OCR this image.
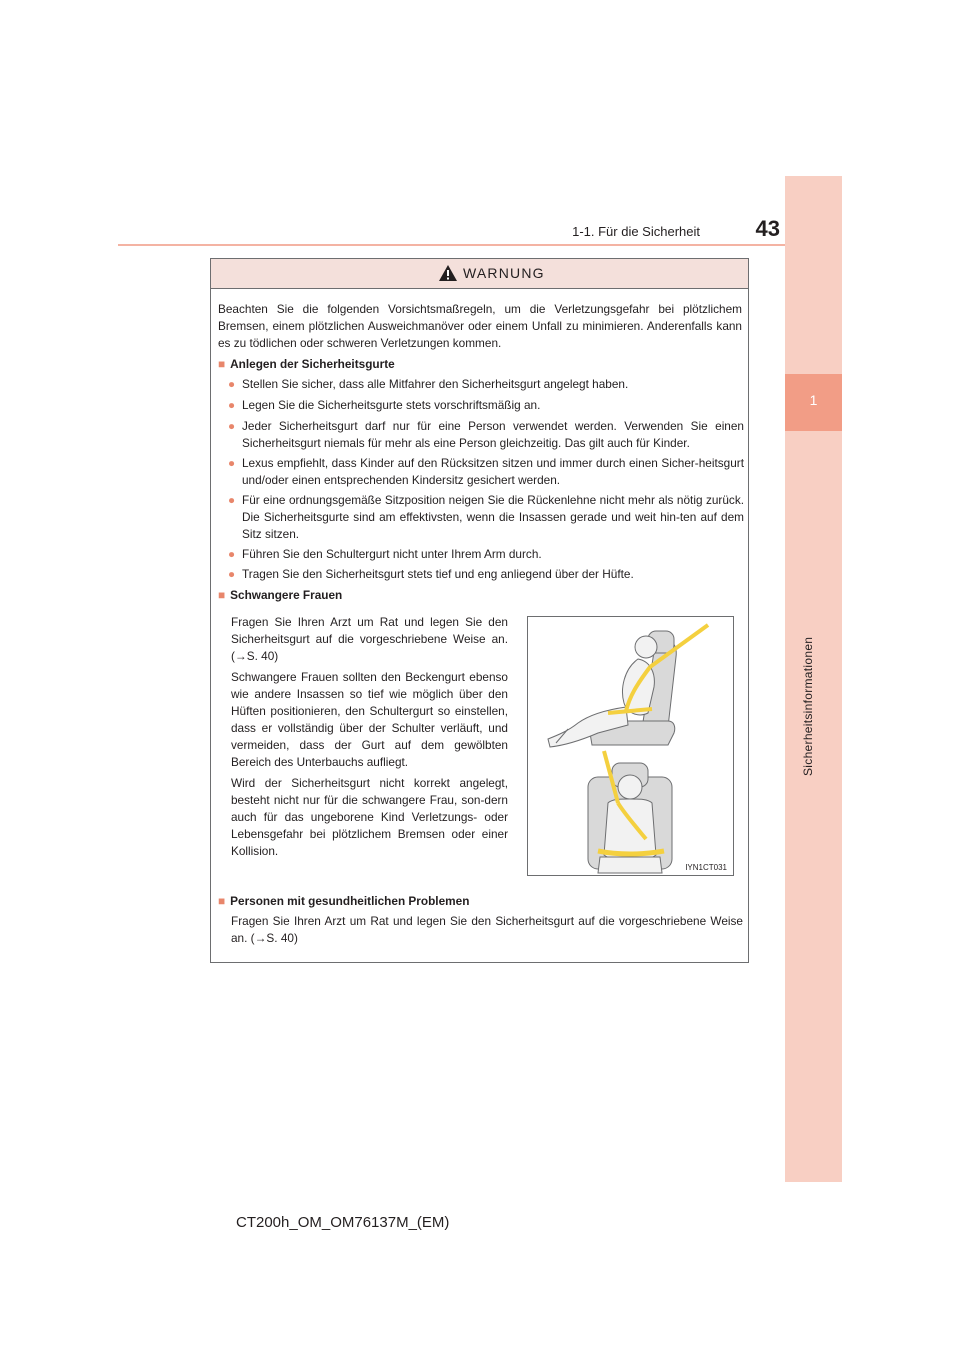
1-1. Für die Sicherheit	43
1
Sicherheitsinformationen
WARNUNG
Beachten Sie die folgenden Vorsichtsmaßregeln, um die Verletzungsgefahr bei plötzlichem Bremsen, einem plötzlichen Ausweichmanöver oder einem Unfall zu minimieren. Anderenfalls kann es zu tödlichen oder schweren Verletzungen kommen.
■ Anlegen der Sicherheitsgurte
●
Stellen Sie sicher, dass alle Mitfahrer den Sicherheitsgurt angelegt haben.
●
Legen Sie die Sicherheitsgurte stets vorschriftsmäßig an.
●
Jeder Sicherheitsgurt darf nur für eine Person verwendet werden. Verwenden Sie einen Sicherheitsgurt niemals für mehr als eine Person gleichzeitig. Das gilt auch für Kinder.
●
Lexus empfiehlt, dass Kinder auf den Rücksitzen sitzen und immer durch einen Sicher-heitsgurt und/oder einen entsprechenden Kindersitz gesichert werden.
●
Für eine ordnungsgemäße Sitzposition neigen Sie die Rückenlehne nicht mehr als nötig zurück. Die Sicherheitsgurte sind am effektivsten, wenn die Insassen gerade und weit hin-ten auf dem Sitz sitzen.
●
Führen Sie den Schultergurt nicht unter Ihrem Arm durch.
●
Tragen Sie den Sicherheitsgurt stets tief und eng anliegend über der Hüfte.
■ Schwangere Frauen
Fragen Sie Ihren Arzt um Rat und legen Sie den Sicherheitsgurt auf die vorgeschriebene Weise an. (→S. 40)
Schwangere Frauen sollten den Beckengurt ebenso wie andere Insassen so tief wie möglich über den Hüften positionieren, den Schultergurt so einstellen, dass er vollständig über der Schulter verläuft, und vermeiden, dass der Gurt auf dem gewölbten Bereich des Unterbauchs aufliegt.
Wird der Sicherheitsgurt nicht korrekt angelegt, besteht nicht nur für die schwangere Frau, son-dern auch für das ungeborene Kind Verletzungs- oder Lebensgefahr bei plötzlichem Bremsen oder einer Kollision.
IYN1CT031
■ Personen mit gesundheitlichen Problemen
Fragen Sie Ihren Arzt um Rat und legen Sie den Sicherheitsgurt auf die vorgeschriebene Weise an. (→S. 40)
CT200h_OM_OM76137M_(EM)
